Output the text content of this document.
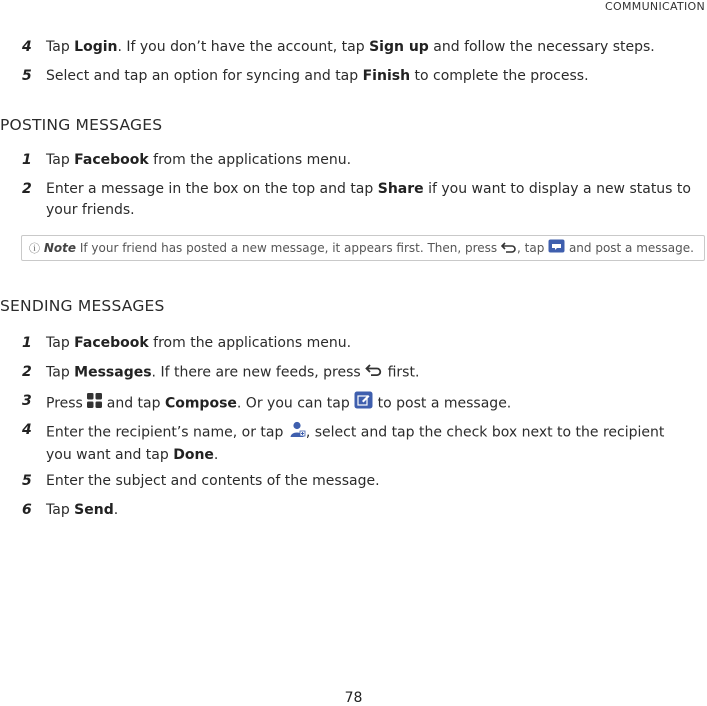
COMMUNICATION
4 Tap Login. If you don’t have the account, tap Sign up and follow the necessary steps.
5 Select and tap an option for syncing and tap Finish to complete the process.
POSTING MESSAGES
1 Tap Facebook from the applications menu.
2 Enter a message in the box on the top and tap Share if you want to display a new status to your friends.
ⓘ Note If your friend has posted a new message, it appears first. Then, press , tap  and post a message.
SENDING MESSAGES
1 Tap Facebook from the applications menu.
2 Tap Messages. If there are new feeds, press  first.
3 Press  and tap Compose. Or you can tap  to post a message.
4 Enter the recipient’s name, or tap , select and tap the check box next to the recipient you want and tap Done.
5 Enter the subject and contents of the message.
6 Tap Send.
78
